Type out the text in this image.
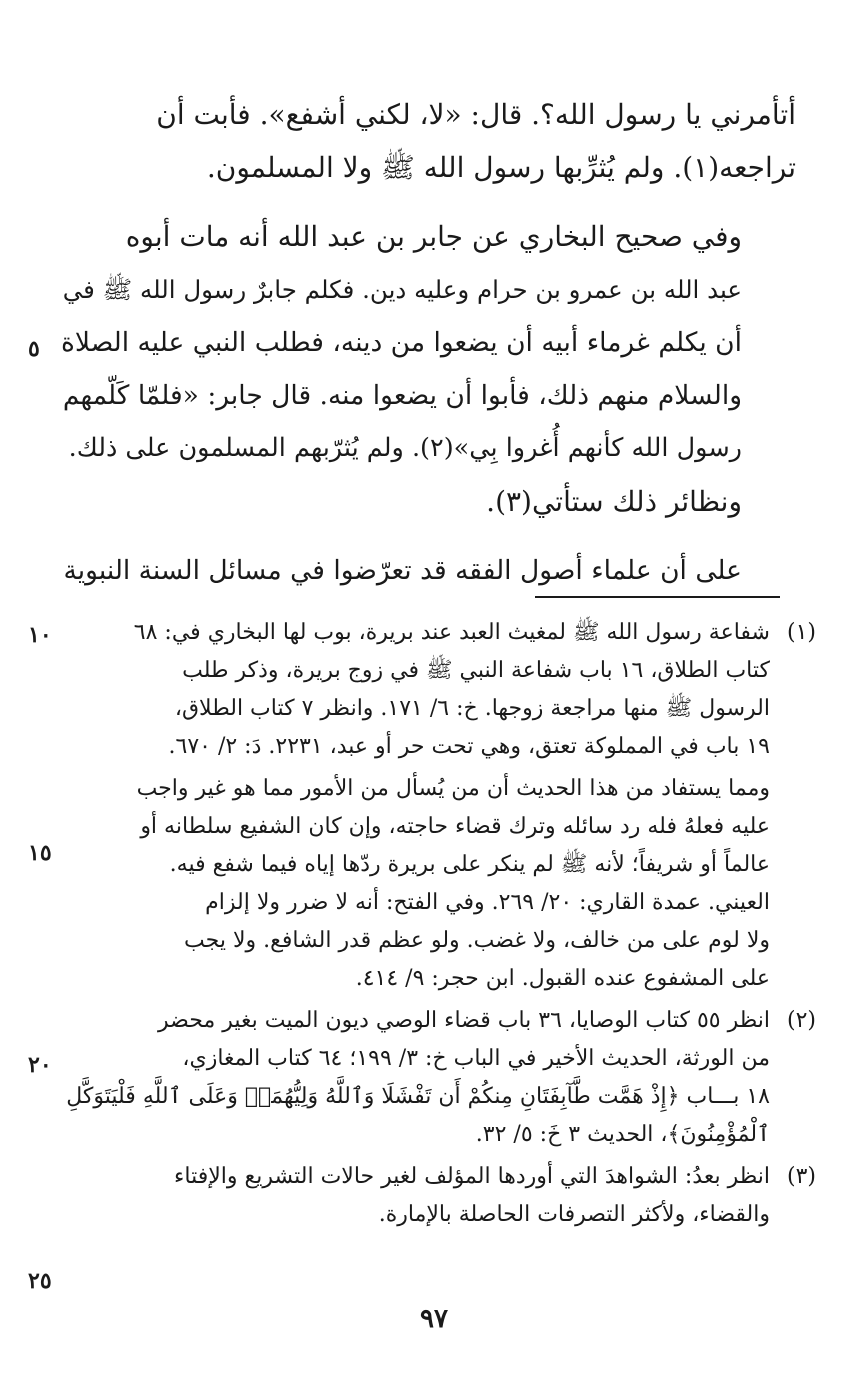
أتأمرني يا رسول الله؟. قال: «لا، لكني أشفع». فأبت أن
تراجعه(١). ولم يُثرِّبها رسول الله ﷺ ولا المسلمون.

وفي صحيح البخاري عن جابر بن عبد الله أنه مات أبوه
عبد الله بن عمرو بن حرام وعليه دين. فكلم جابرٌ رسول الله ﷺ في
أن يكلم غرماء أبيه أن يضعوا من دينه، فطلب النبي عليه الصلاة
والسلام منهم ذلك، فأبوا أن يضعوا منه. قال جابر: «فلمّا كَلّمهم
رسول الله كأنهم أُغروا بِي»(٢). ولم يُثرّبهم المسلمون على ذلك.
ونظائر ذلك ستأتي(٣).

على أن علماء أصول الفقه قد تعرّضوا في مسائل السنة النبوية

(١)
شفاعة رسول الله ﷺ لمغيث العبد عند بريرة، بوب لها البخاري في: ٦٨
كتاب الطلاق، ١٦ باب شفاعة النبي ﷺ في زوج بريرة، وذكر طلب
الرسول ﷺ منها مراجعة زوجها. خ: ٦/ ١٧١. وانظر ٧ كتاب الطلاق،
١٩ باب في المملوكة تعتق، وهي تحت حر أو عبد، ٢٢٣١. دَ: ٢/ ٦٧٠.
ومما يستفاد من هذا الحديث أن من يُسأل من الأمور مما هو غير واجب
عليه فعلهُ فله رد سائله وترك قضاء حاجته، وإن كان الشفيع سلطانه أو
عالماً أو شريفاً؛ لأنه ﷺ لم ينكر على بريرة ردّها إياه فيما شفع فيه.
العيني. عمدة القاري: ٢٠/ ٢٦٩. وفي الفتح: أنه لا ضرر ولا إلزام
ولا لوم على من خالف، ولا غضب. ولو عظم قدر الشافع. ولا يجب
على المشفوع عنده القبول. ابن حجر: ٩/ ٤١٤.
(٢)
انظر ٥٥ كتاب الوصايا، ٣٦ باب قضاء الوصي ديون الميت بغير محضر
من الورثة، الحديث الأخير في الباب خ: ٣/ ١٩٩؛ ٦٤ كتاب المغازي،
١٨ بـــاب ﴿إِذْ هَمَّت طَّآبِفَتَانِ مِنكُمْ أَن تَفْشَلَا وَٱللَّهُ وَلِيُّهُمَاۗ وَعَلَى ٱللَّهِ فَلْيَتَوَكَّلِ
ٱلْمُؤْمِنُونَ﴾، الحديث ٣ خَ: ٥/ ٣٢.
(٣)
انظر بعدُ: الشواهدَ التي أوردها المؤلف لغير حالات التشريع والإفتاء
والقضاء، ولأكثر التصرفات الحاصلة بالإمارة.
٥
١٠
١٥
٢٠
٢٥
٩٧
